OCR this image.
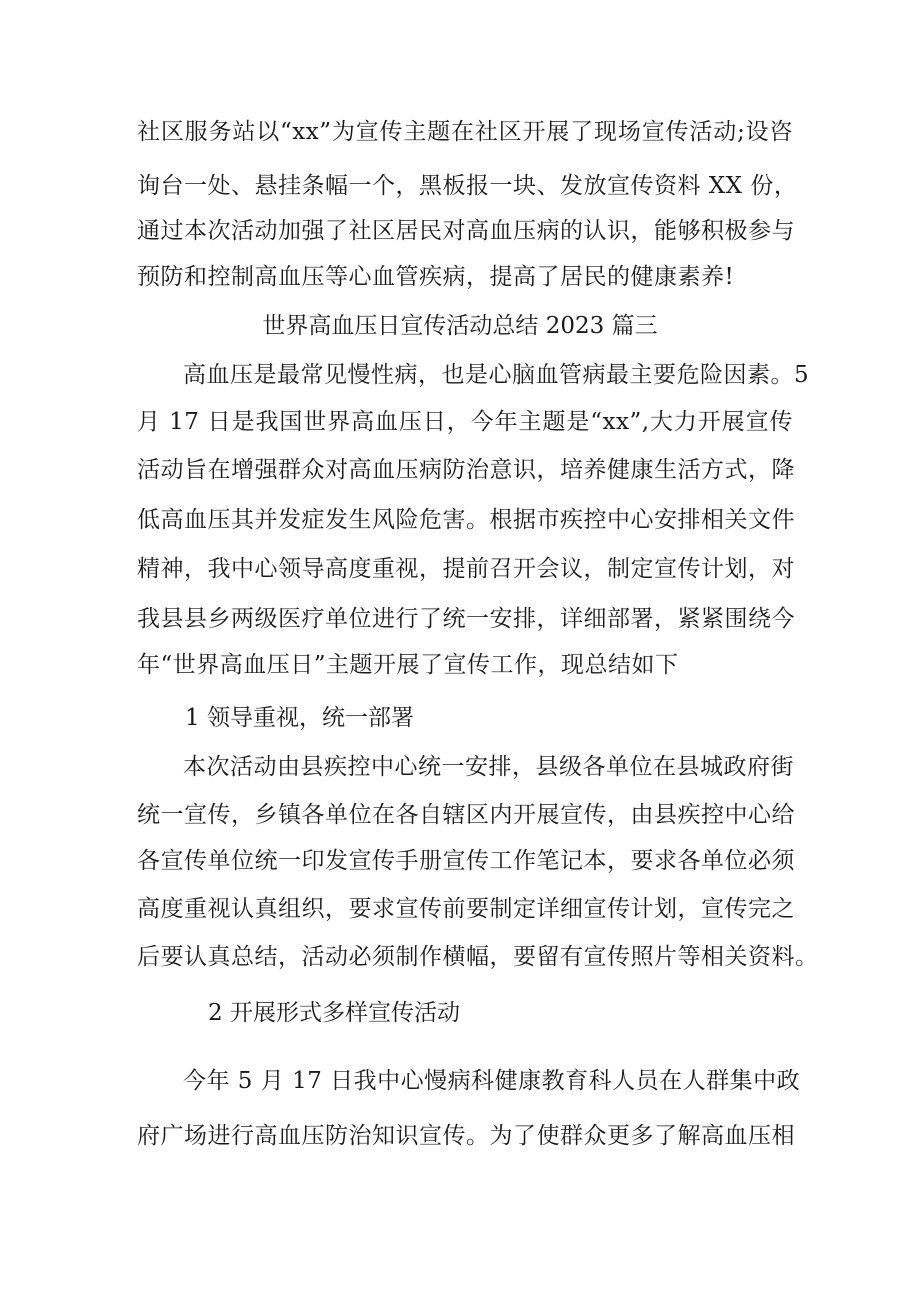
社区服务站以“xx”为宣传主题在社区开展了现场宣传活动;设咨
询台一处、悬挂条幅一个，黑板报一块、发放宣传资料 XX 份，
通过本次活动加强了社区居民对高血压病的认识，能够积极参与
预防和控制高血压等心血管疾病，提高了居民的健康素养!
世界高血压日宣传活动总结 2023 篇三
高血压是最常见慢性病，也是心脑血管病最主要危险因素。5
月 17 日是我国世界高血压日，今年主题是“xx”,大力开展宣传
活动旨在增强群众对高血压病防治意识，培养健康生活方式，降
低高血压其并发症发生风险危害。根据市疾控中心安排相关文件
精神，我中心领导高度重视，提前召开会议，制定宣传计划，对
我县县乡两级医疗单位进行了统一安排，详细部署，紧紧围绕今
年“世界高血压日”主题开展了宣传工作，现总结如下
1 领导重视，统一部署
本次活动由县疾控中心统一安排，县级各单位在县城政府街
统一宣传，乡镇各单位在各自辖区内开展宣传，由县疾控中心给
各宣传单位统一印发宣传手册宣传工作笔记本，要求各单位必须
高度重视认真组织，要求宣传前要制定详细宣传计划，宣传完之
后要认真总结，活动必须制作横幅，要留有宣传照片等相关资料。
2 开展形式多样宣传活动
今年 5 月 17 日我中心慢病科健康教育科人员在人群集中政
府广场进行高血压防治知识宣传。为了使群众更多了解高血压相
